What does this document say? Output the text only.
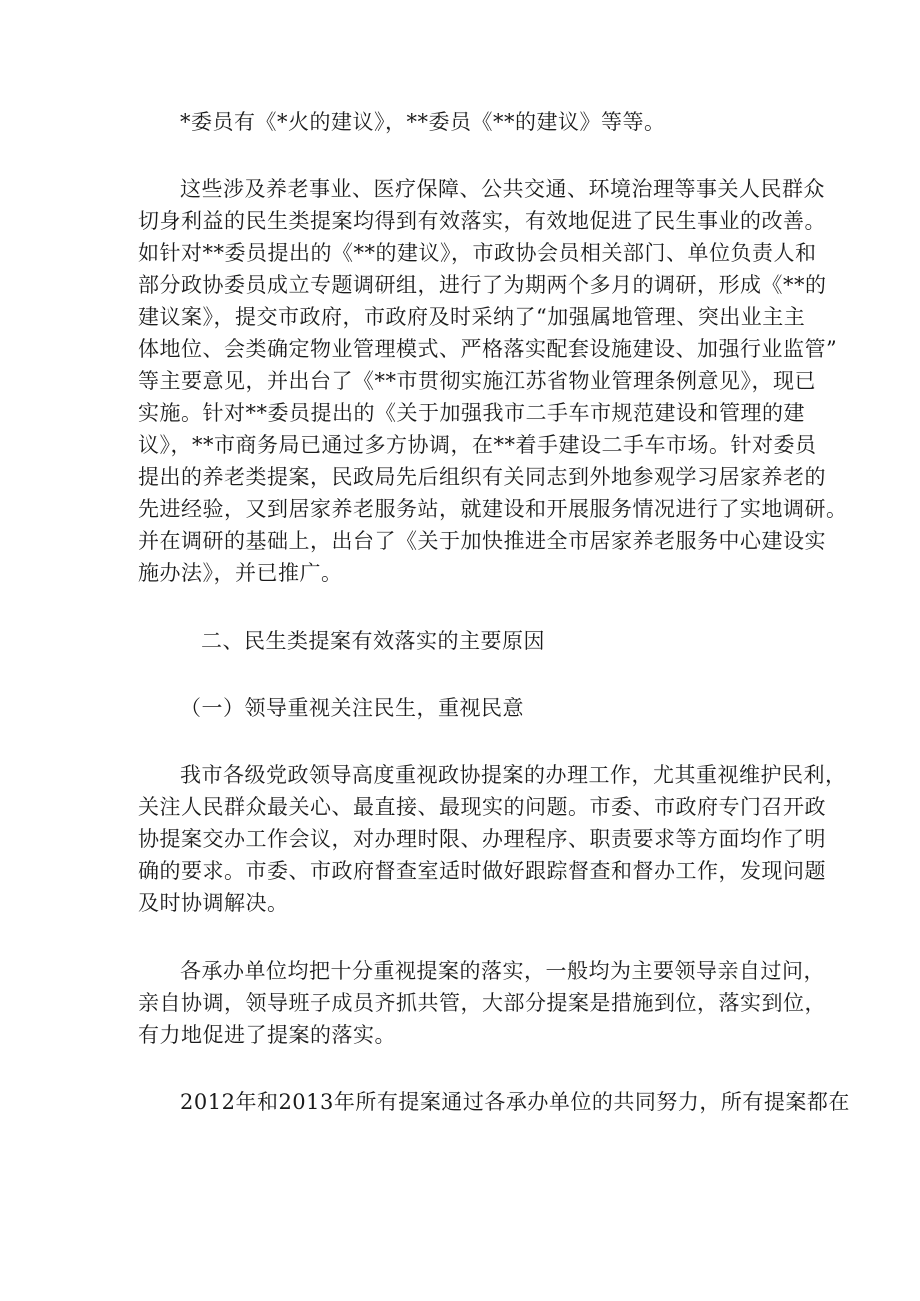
*委员有《*火的建议》，**委员《**的建议》等等。
这些涉及养老事业、医疗保障、公共交通、环境治理等事关人民群众
切身利益的民生类提案均得到有效落实，有效地促进了民生事业的改善。
如针对**委员提出的《**的建议》，市政协会员相关部门、单位负责人和
部分政协委员成立专题调研组，进行了为期两个多月的调研，形成《**的
建议案》，提交市政府，市政府及时采纳了“加强属地管理、突出业主主
体地位、会类确定物业管理模式、严格落实配套设施建设、加强行业监管”
等主要意见，并出台了《**市贯彻实施江苏省物业管理条例意见》，现已
实施。针对**委员提出的《关于加强我市二手车市规范建设和管理的建
议》，**市商务局已通过多方协调，在**着手建设二手车市场。针对委员
提出的养老类提案，民政局先后组织有关同志到外地参观学习居家养老的
先进经验，又到居家养老服务站，就建设和开展服务情况进行了实地调研。
并在调研的基础上，出台了《关于加快推进全市居家养老服务中心建设实
施办法》，并已推广。
二、民生类提案有效落实的主要原因
（一）领导重视关注民生，重视民意
我市各级党政领导高度重视政协提案的办理工作，尤其重视维护民利，
关注人民群众最关心、最直接、最现实的问题。市委、市政府专门召开政
协提案交办工作会议，对办理时限、办理程序、职责要求等方面均作了明
确的要求。市委、市政府督查室适时做好跟踪督查和督办工作，发现问题
及时协调解决。
各承办单位均把十分重视提案的落实，一般均为主要领导亲自过问，
亲自协调，领导班子成员齐抓共管，大部分提案是措施到位，落实到位，
有力地促进了提案的落实。
2012年和2013年所有提案通过各承办单位的共同努力，所有提案都在
